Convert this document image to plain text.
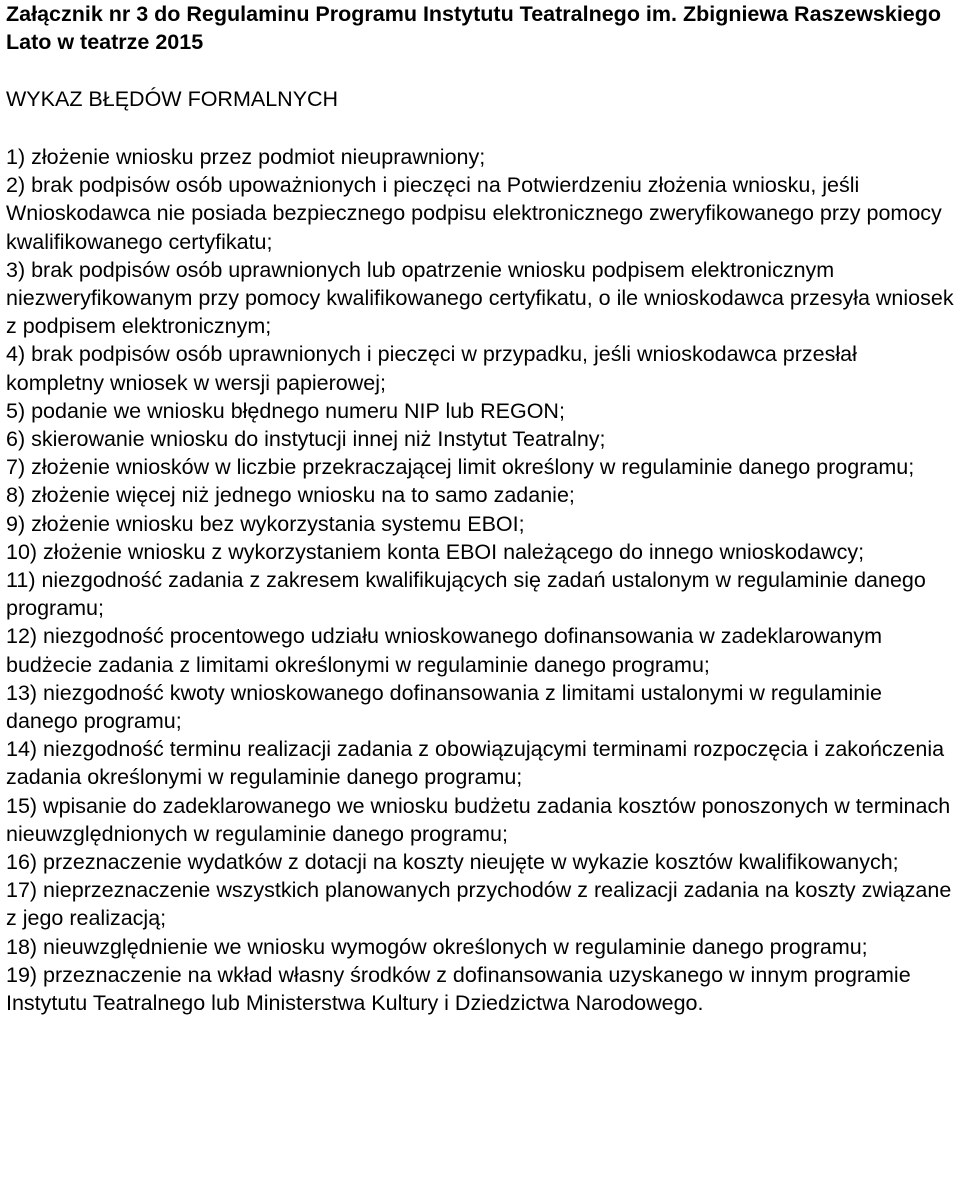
Załącznik nr 3 do Regulaminu Programu Instytutu Teatralnego im. Zbigniewa Raszewskiego Lato w teatrze 2015

WYKAZ BŁĘDÓW FORMALNYCH

1) złożenie wniosku przez podmiot nieuprawniony;
2) brak podpisów osób upoważnionych i pieczęci na Potwierdzeniu złożenia wniosku, jeśli Wnioskodawca nie posiada bezpiecznego podpisu elektronicznego zweryfikowanego przy pomocy kwalifikowanego certyfikatu;
3) brak podpisów osób uprawnionych lub opatrzenie wniosku podpisem elektronicznym niezweryfikowanym przy pomocy kwalifikowanego certyfikatu, o ile wnioskodawca przesyła wniosek z podpisem elektronicznym;
4) brak podpisów osób uprawnionych i pieczęci w przypadku, jeśli wnioskodawca przesłał kompletny wniosek w wersji papierowej;
5) podanie we wniosku błędnego numeru NIP lub REGON;
6) skierowanie wniosku do instytucji innej niż Instytut Teatralny;
7) złożenie wniosków w liczbie przekraczającej limit określony w regulaminie danego programu;
8) złożenie więcej niż jednego wniosku na to samo zadanie;
9) złożenie wniosku bez wykorzystania systemu EBOI;
10) złożenie wniosku z wykorzystaniem konta EBOI należącego do innego wnioskodawcy;
11) niezgodność zadania z zakresem kwalifikujących się zadań ustalonym w regulaminie danego programu;
12) niezgodność procentowego udziału wnioskowanego dofinansowania w zadeklarowanym budżecie zadania z limitami określonymi w regulaminie danego programu;
13) niezgodność kwoty wnioskowanego dofinansowania z limitami ustalonymi w regulaminie danego programu;
14) niezgodność terminu realizacji zadania z obowiązującymi terminami rozpoczęcia i zakończenia zadania określonymi w regulaminie danego programu;
15) wpisanie do zadeklarowanego we wniosku budżetu zadania kosztów ponoszonych w terminach nieuwzględnionych w regulaminie danego programu;
16) przeznaczenie wydatków z dotacji na koszty nieujęte w wykazie kosztów kwalifikowanych;
17) nieprzeznaczenie wszystkich planowanych przychodów z realizacji zadania na koszty związane z jego realizacją;
18) nieuwzględnienie we wniosku wymogów określonych w regulaminie danego programu;
19) przeznaczenie na wkład własny środków z dofinansowania uzyskanego w innym programie Instytutu Teatralnego lub Ministerstwa Kultury i Dziedzictwa Narodowego.
